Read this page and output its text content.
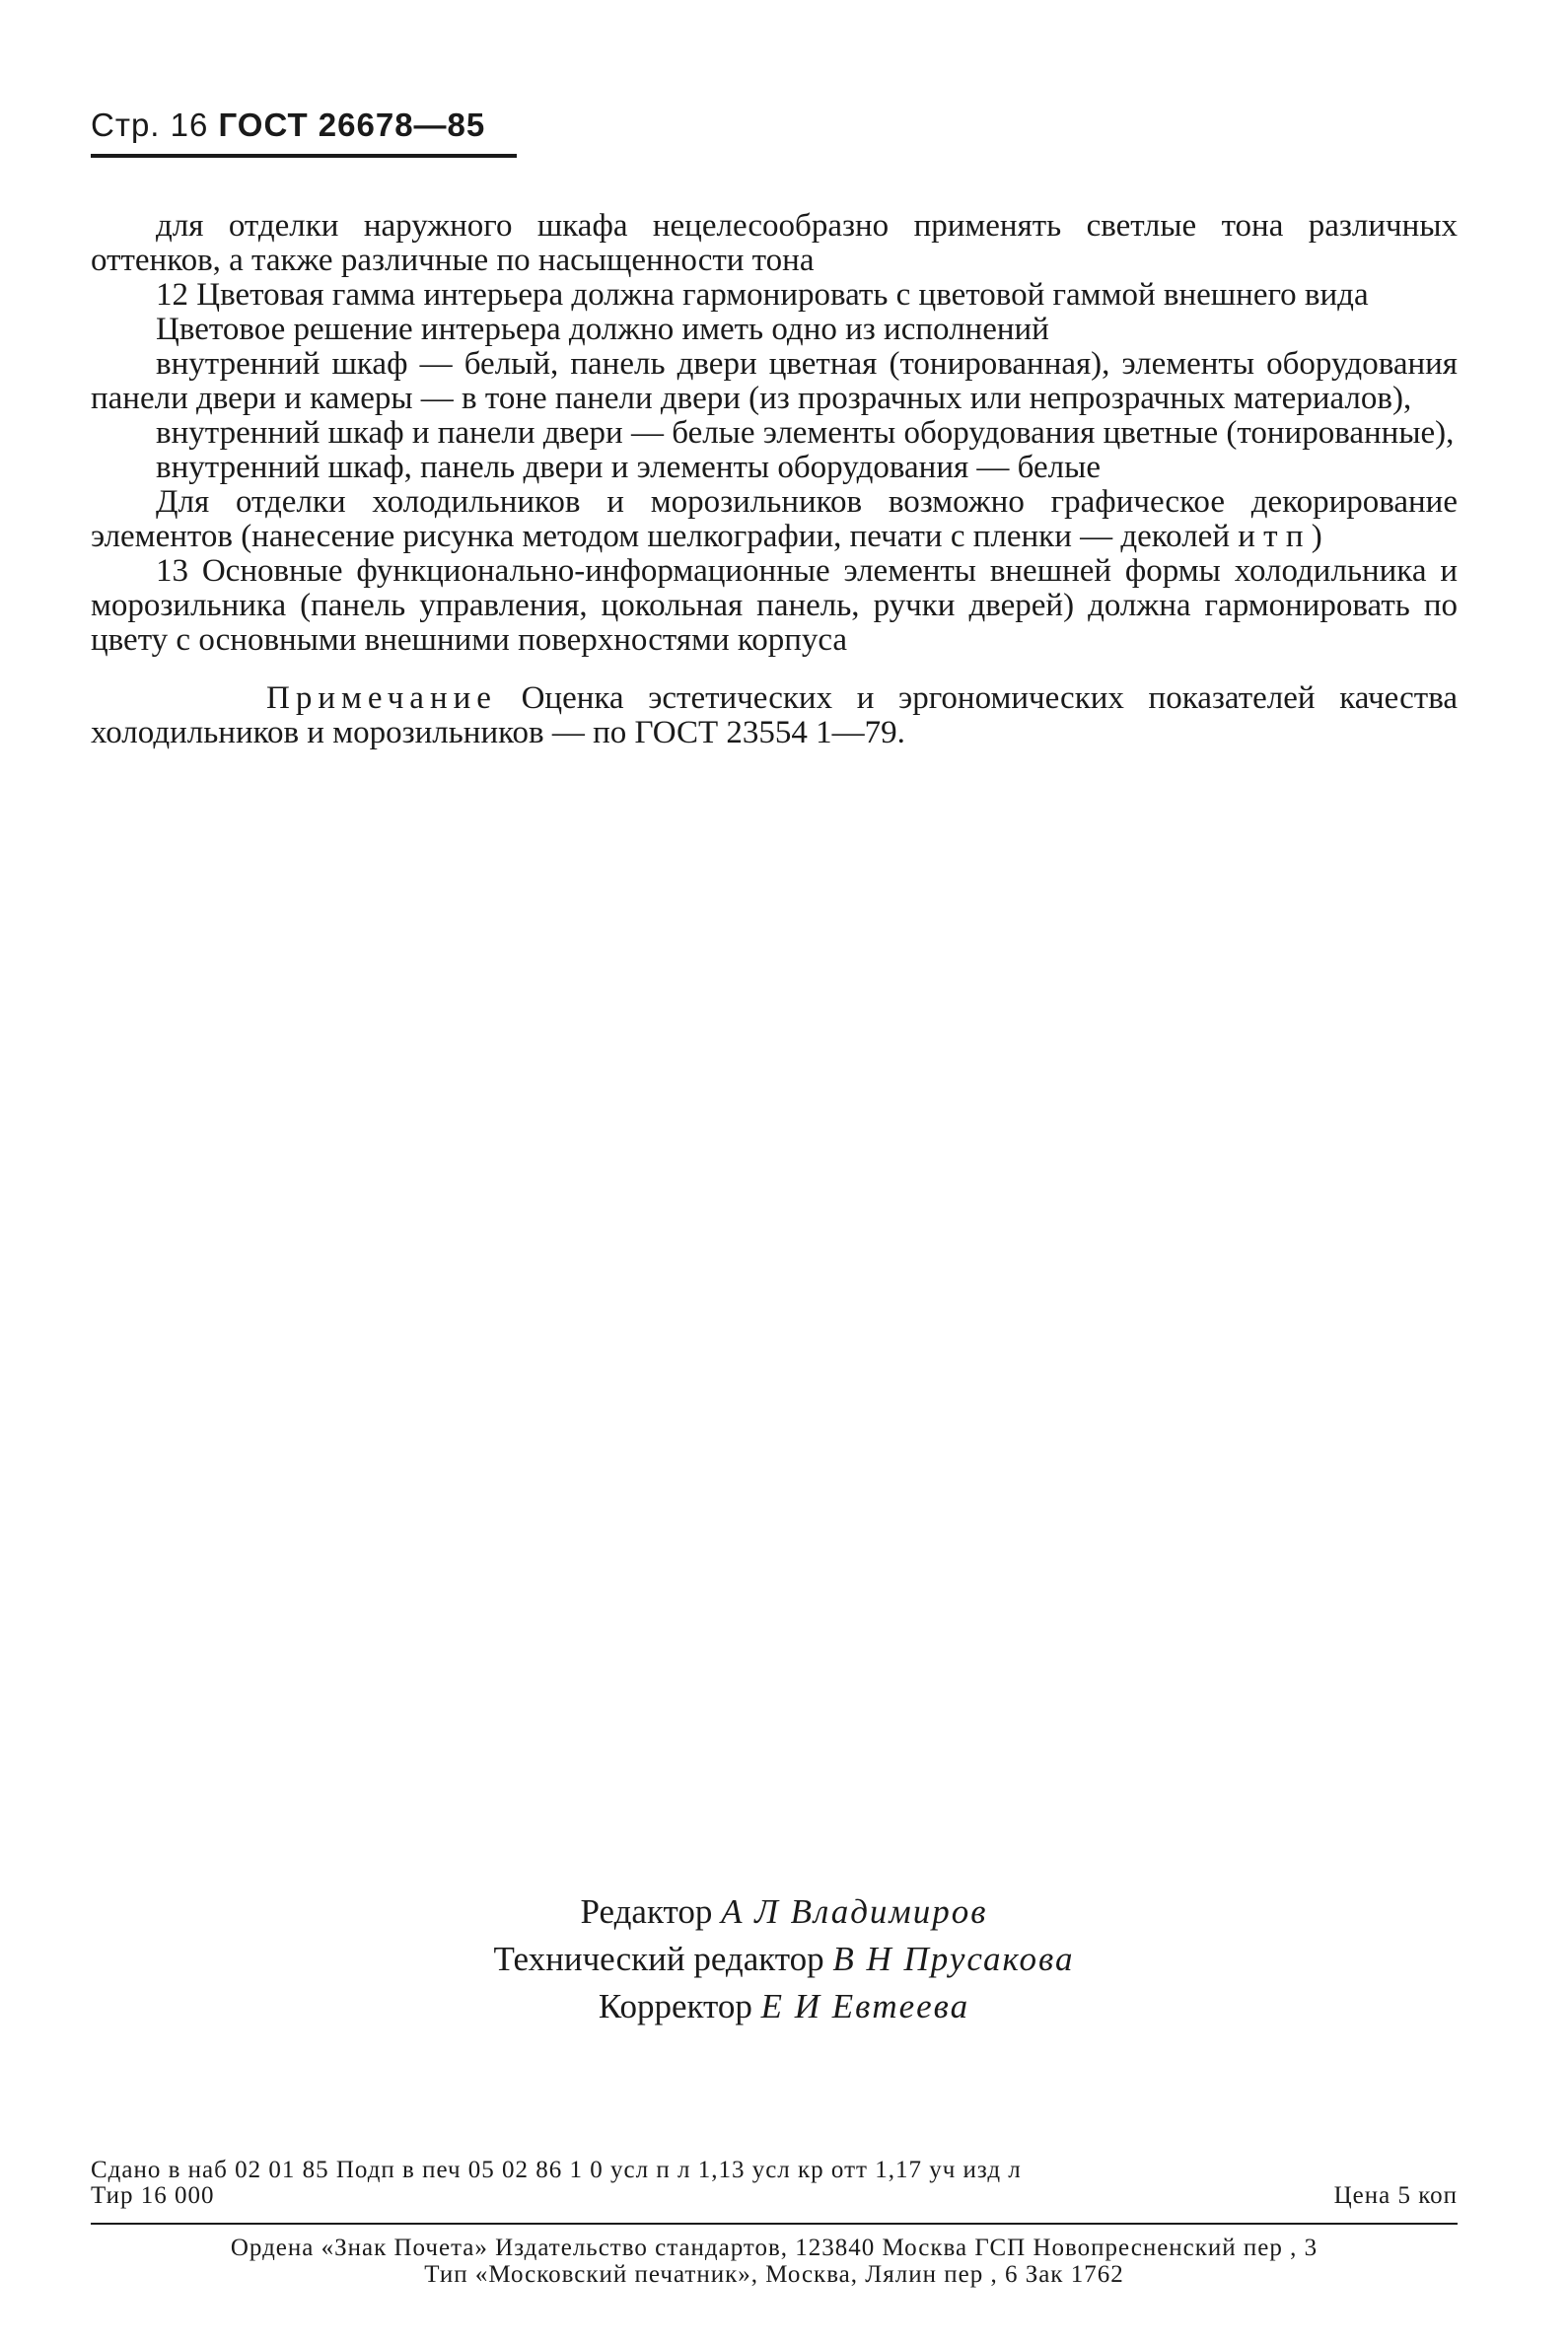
Стр. 16 ГОСТ 26678—85

для отделки наружного шкафа нецелесообразно применять светлые тона различных оттенков, а также различные по насыщенности тона

12 Цветовая гамма интерьера должна гармонировать с цветовой гаммой внешнего вида

Цветовое решение интерьера должно иметь одно из исполнений

внутренний шкаф — белый, панель двери цветная (тонированная), элементы оборудования панели двери и камеры — в тоне панели двери (из прозрачных или непрозрачных материалов),

внутренний шкаф и панели двери — белые элементы оборудования цветные (тонированные),

внутренний шкаф, панель двери и элементы оборудования — белые

Для отделки холодильников и морозильников возможно графическое декорирование элементов (нанесение рисунка методом шелкографии, печати с пленки — деколей и т п )

13 Основные функционально-информационные элементы внешней формы холодильника и морозильника (панель управления, цокольная панель, ручки дверей) должна гармонировать по цвету с основными внешними поверхностями корпуса

Примечание Оценка эстетических и эргономических показателей качества холодильников и морозильников — по ГОСТ 23554 1—79.

Редактор А Л Владимиров
Технический редактор В Н Прусакова
Корректор Е И Евтеева
Сдано в наб 02 01 85 Подп в печ 05 02 86 1 0 усл п л 1,13 усл кр отт 1,17 уч изд л
Тир 16 000	Цена 5 коп
Ордена «Знак Почета» Издательство стандартов, 123840 Москва ГСП Новопресненский пер , 3
Тип «Московский печатник», Москва, Лялин пер , 6 Зак 1762
